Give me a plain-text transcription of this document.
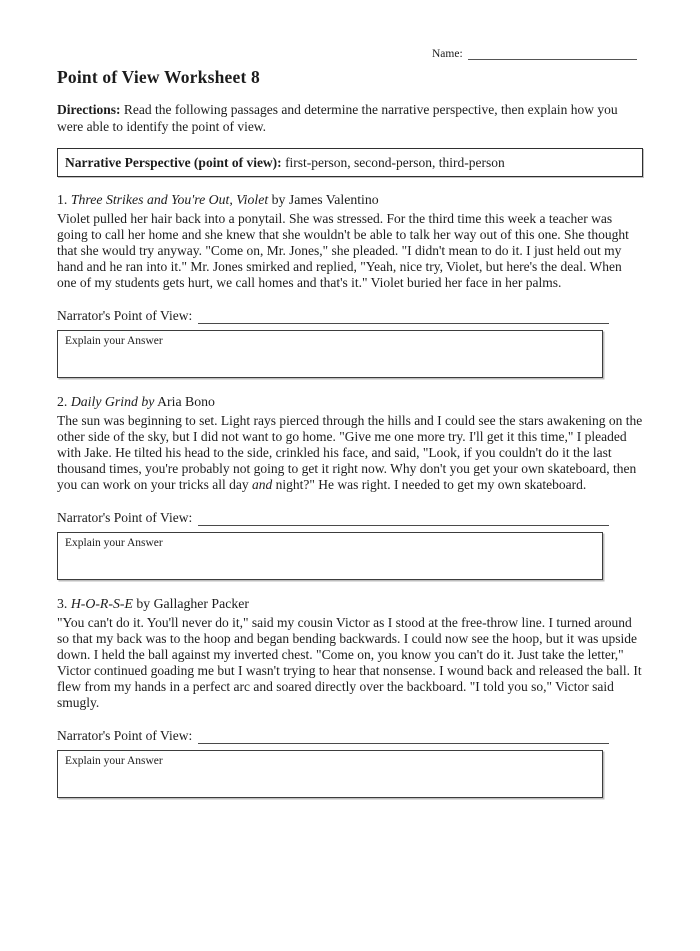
Name:
Point of View Worksheet 8
Directions: Read the following passages and determine the narrative perspective, then explain how you were able to identify the point of view.
Narrative Perspective (point of view): first-person, second-person, third-person
1. Three Strikes and You're Out, Violet by James Valentino
Violet pulled her hair back into a ponytail. She was stressed. For the third time this week a teacher was going to call her home and she knew that she wouldn't be able to talk her way out of this one. She thought that she would try anyway. "Come on, Mr. Jones," she pleaded. "I didn't mean to do it. I just held out my hand and he ran into it." Mr. Jones smirked and replied, "Yeah, nice try, Violet, but here's the deal. When one of my students gets hurt, we call homes and that's it." Violet buried her face in her palms.
Narrator's Point of View:
Explain your Answer
2. Daily Grind by Aria Bono
The sun was beginning to set. Light rays pierced through the hills and I could see the stars awakening on the other side of the sky, but I did not want to go home. "Give me one more try. I'll get it this time," I pleaded with Jake. He tilted his head to the side, crinkled his face, and said, "Look, if you couldn't do it the last thousand times, you're probably not going to get it right now. Why don't you get your own skateboard, then you can work on your tricks all day and night?" He was right. I needed to get my own skateboard.
Narrator's Point of View:
Explain your Answer
3. H-O-R-S-E by Gallagher Packer
"You can't do it. You'll never do it," said my cousin Victor as I stood at the free-throw line. I turned around so that my back was to the hoop and began bending backwards. I could now see the hoop, but it was upside down. I held the ball against my inverted chest. "Come on, you know you can't do it. Just take the letter," Victor continued goading me but I wasn't trying to hear that nonsense. I wound back and released the ball. It flew from my hands in a perfect arc and soared directly over the backboard. "I told you so," Victor said smugly.
Narrator's Point of View:
Explain your Answer
